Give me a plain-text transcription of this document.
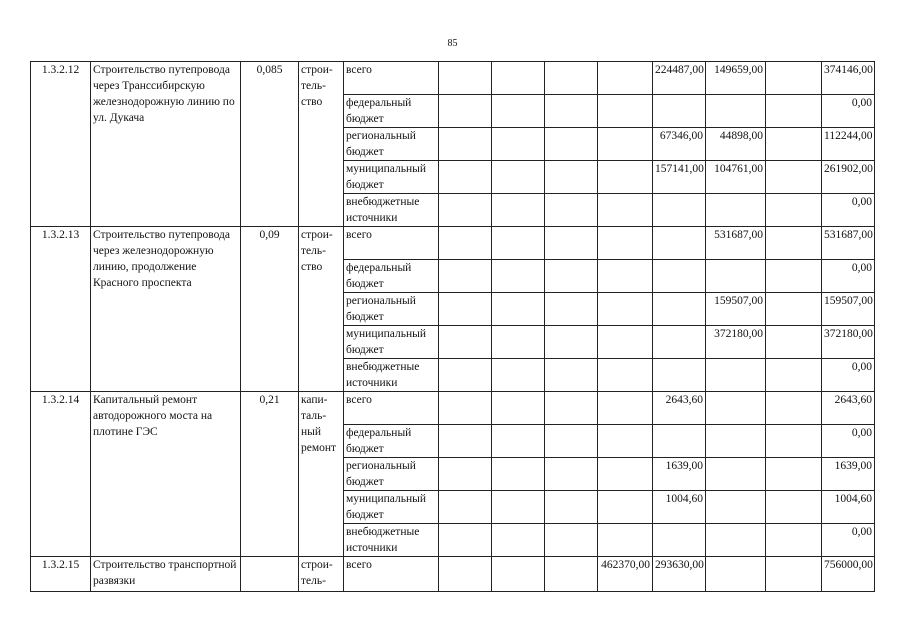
85
1.3.2.12	Строительство путепровода через Транссибирскую железнодорожную линию по ул. Дукача	0,085	строи-тель-ство	всего					224487,00	149659,00		374146,00
				федеральный бюджет								0,00
				региональный бюджет					67346,00	44898,00		112244,00
				муниципальный бюджет					157141,00	104761,00		261902,00
				внебюджетные источники								0,00
1.3.2.13	Строительство путепровода через железнодорожную линию, продолжение Красного проспекта	0,09	строи-тель-ство	всего						531687,00		531687,00
				федеральный бюджет								0,00
				региональный бюджет						159507,00		159507,00
				муниципальный бюджет						372180,00		372180,00
				внебюджетные источники								0,00
1.3.2.14	Капитальный ремонт автодорожного моста на плотине ГЭС	0,21	капи-таль-ный ремонт	всего					2643,60			2643,60
				федеральный бюджет								0,00
				региональный бюджет					1639,00			1639,00
				муниципальный бюджет					1004,60			1004,60
				внебюджетные источники								0,00
1.3.2.15	Строительство транспортной развязки		строи-тель-	всего				462370,00	293630,00			756000,00
